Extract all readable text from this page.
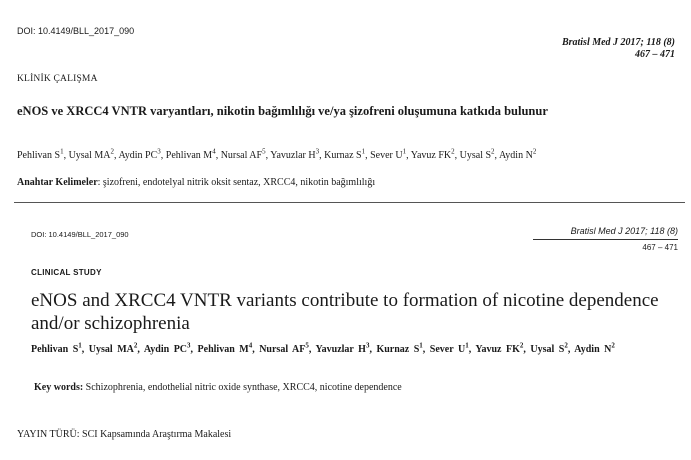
DOI: 10.4149/BLL_2017_090
Bratisl Med J 2017; 118 (8)
467 – 471
KLİNİK ÇALIŞMA
eNOS ve XRCC4 VNTR varyantları, nikotin bağımlılığı ve/ya şizofreni oluşumuna katkıda bulunur
Pehlivan $S^1$, Uysal $MA^2$, Aydin $PC^3$, Pehlivan $M^4$, Nursal $AF^5$, Yavuzlar $H^3$, Kurnaz $S^1$, Sever $U^1$, Yavuz $FK^2$, Uysal $S^2$, Aydin $N^2$
Anahtar Kelimeler: şizofreni, endotelyal nitrik oksit sentaz, XRCC4, nikotin bağımlılığı
DOI: 10.4149/BLL_2017_090	Bratisl Med J 2017; 118 (8)
467 – 471
CLINICAL STUDY
eNOS and XRCC4 VNTR variants contribute to formation of nicotine dependence and/or schizophrenia
Pehlivan $S^1$, Uysal $MA^2$, Aydin $PC^3$, Pehlivan $M^4$, Nursal $AF^5$, Yavuzlar $H^3$, Kurnaz $S^1$, Sever $U^1$, Yavuz $FK^2$, Uysal $S^2$, Aydin $N^2$
Key words: Schizophrenia, endothelial nitric oxide synthase, XRCC4, nicotine dependence
YAYIN TÜRÜ: SCI Kapsamında Araştırma Makalesi
